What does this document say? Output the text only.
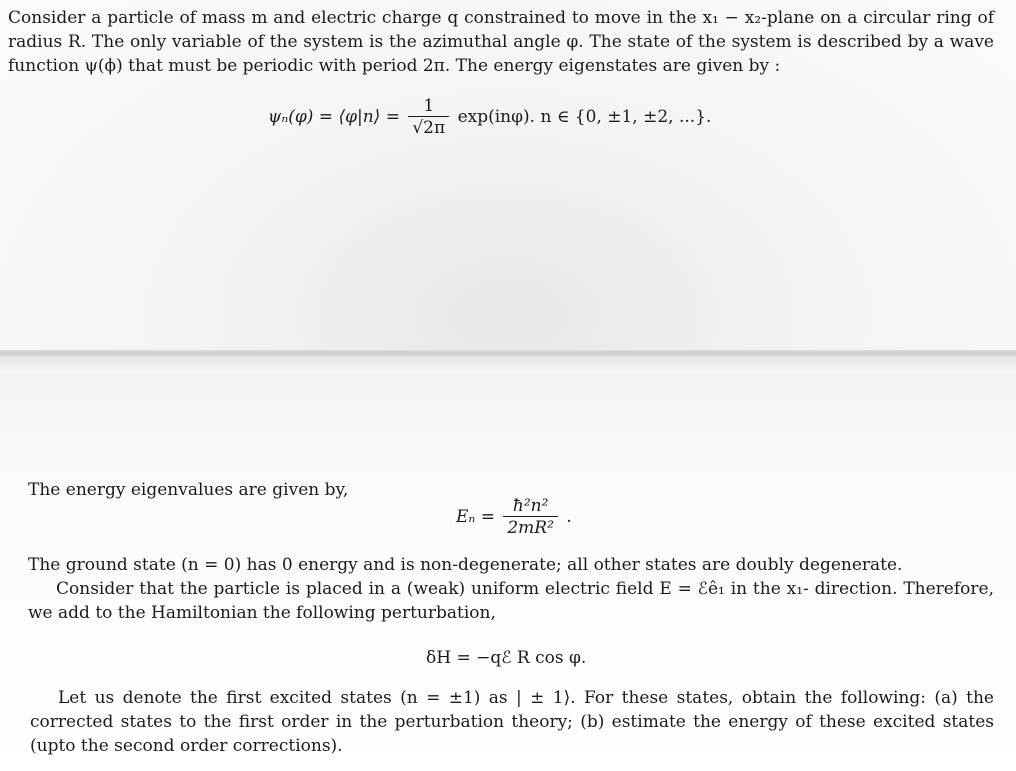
Consider a particle of mass m and electric charge q constrained to move in the x₁ − x₂-plane on a circular ring of radius R. The only variable of the system is the azimuthal angle φ. The state of the system is described by a wave function ψ(ϕ) that must be periodic with period 2π. The energy eigenstates are given by :

ψₙ(φ) = ⟨φ|n⟩ = $\frac{1}{√2\pi} \exp(in\varphi)$. n ∈ {0, ±1, ±2, ...}.

The energy eigenvalues are given by,

$E_n = \frac{\text{ħ²n²}}{\text{2mR²}}$ .

The ground state (n = 0) has 0 energy and is non-degenerate; all other states are doubly degenerate.

Consider that the particle is placed in a (weak) uniform electric field E = ℰê₁ in the x₁- direction. Therefore, we add to the Hamiltonian the following perturbation,

δH = −qℰ R cos φ.

Let us denote the first excited states (n = ±1) as | ± 1⟩. For these states, obtain the following: (a) the corrected states to the first order in the perturbation theory; (b) estimate the energy of these excited states (upto the second order corrections).
